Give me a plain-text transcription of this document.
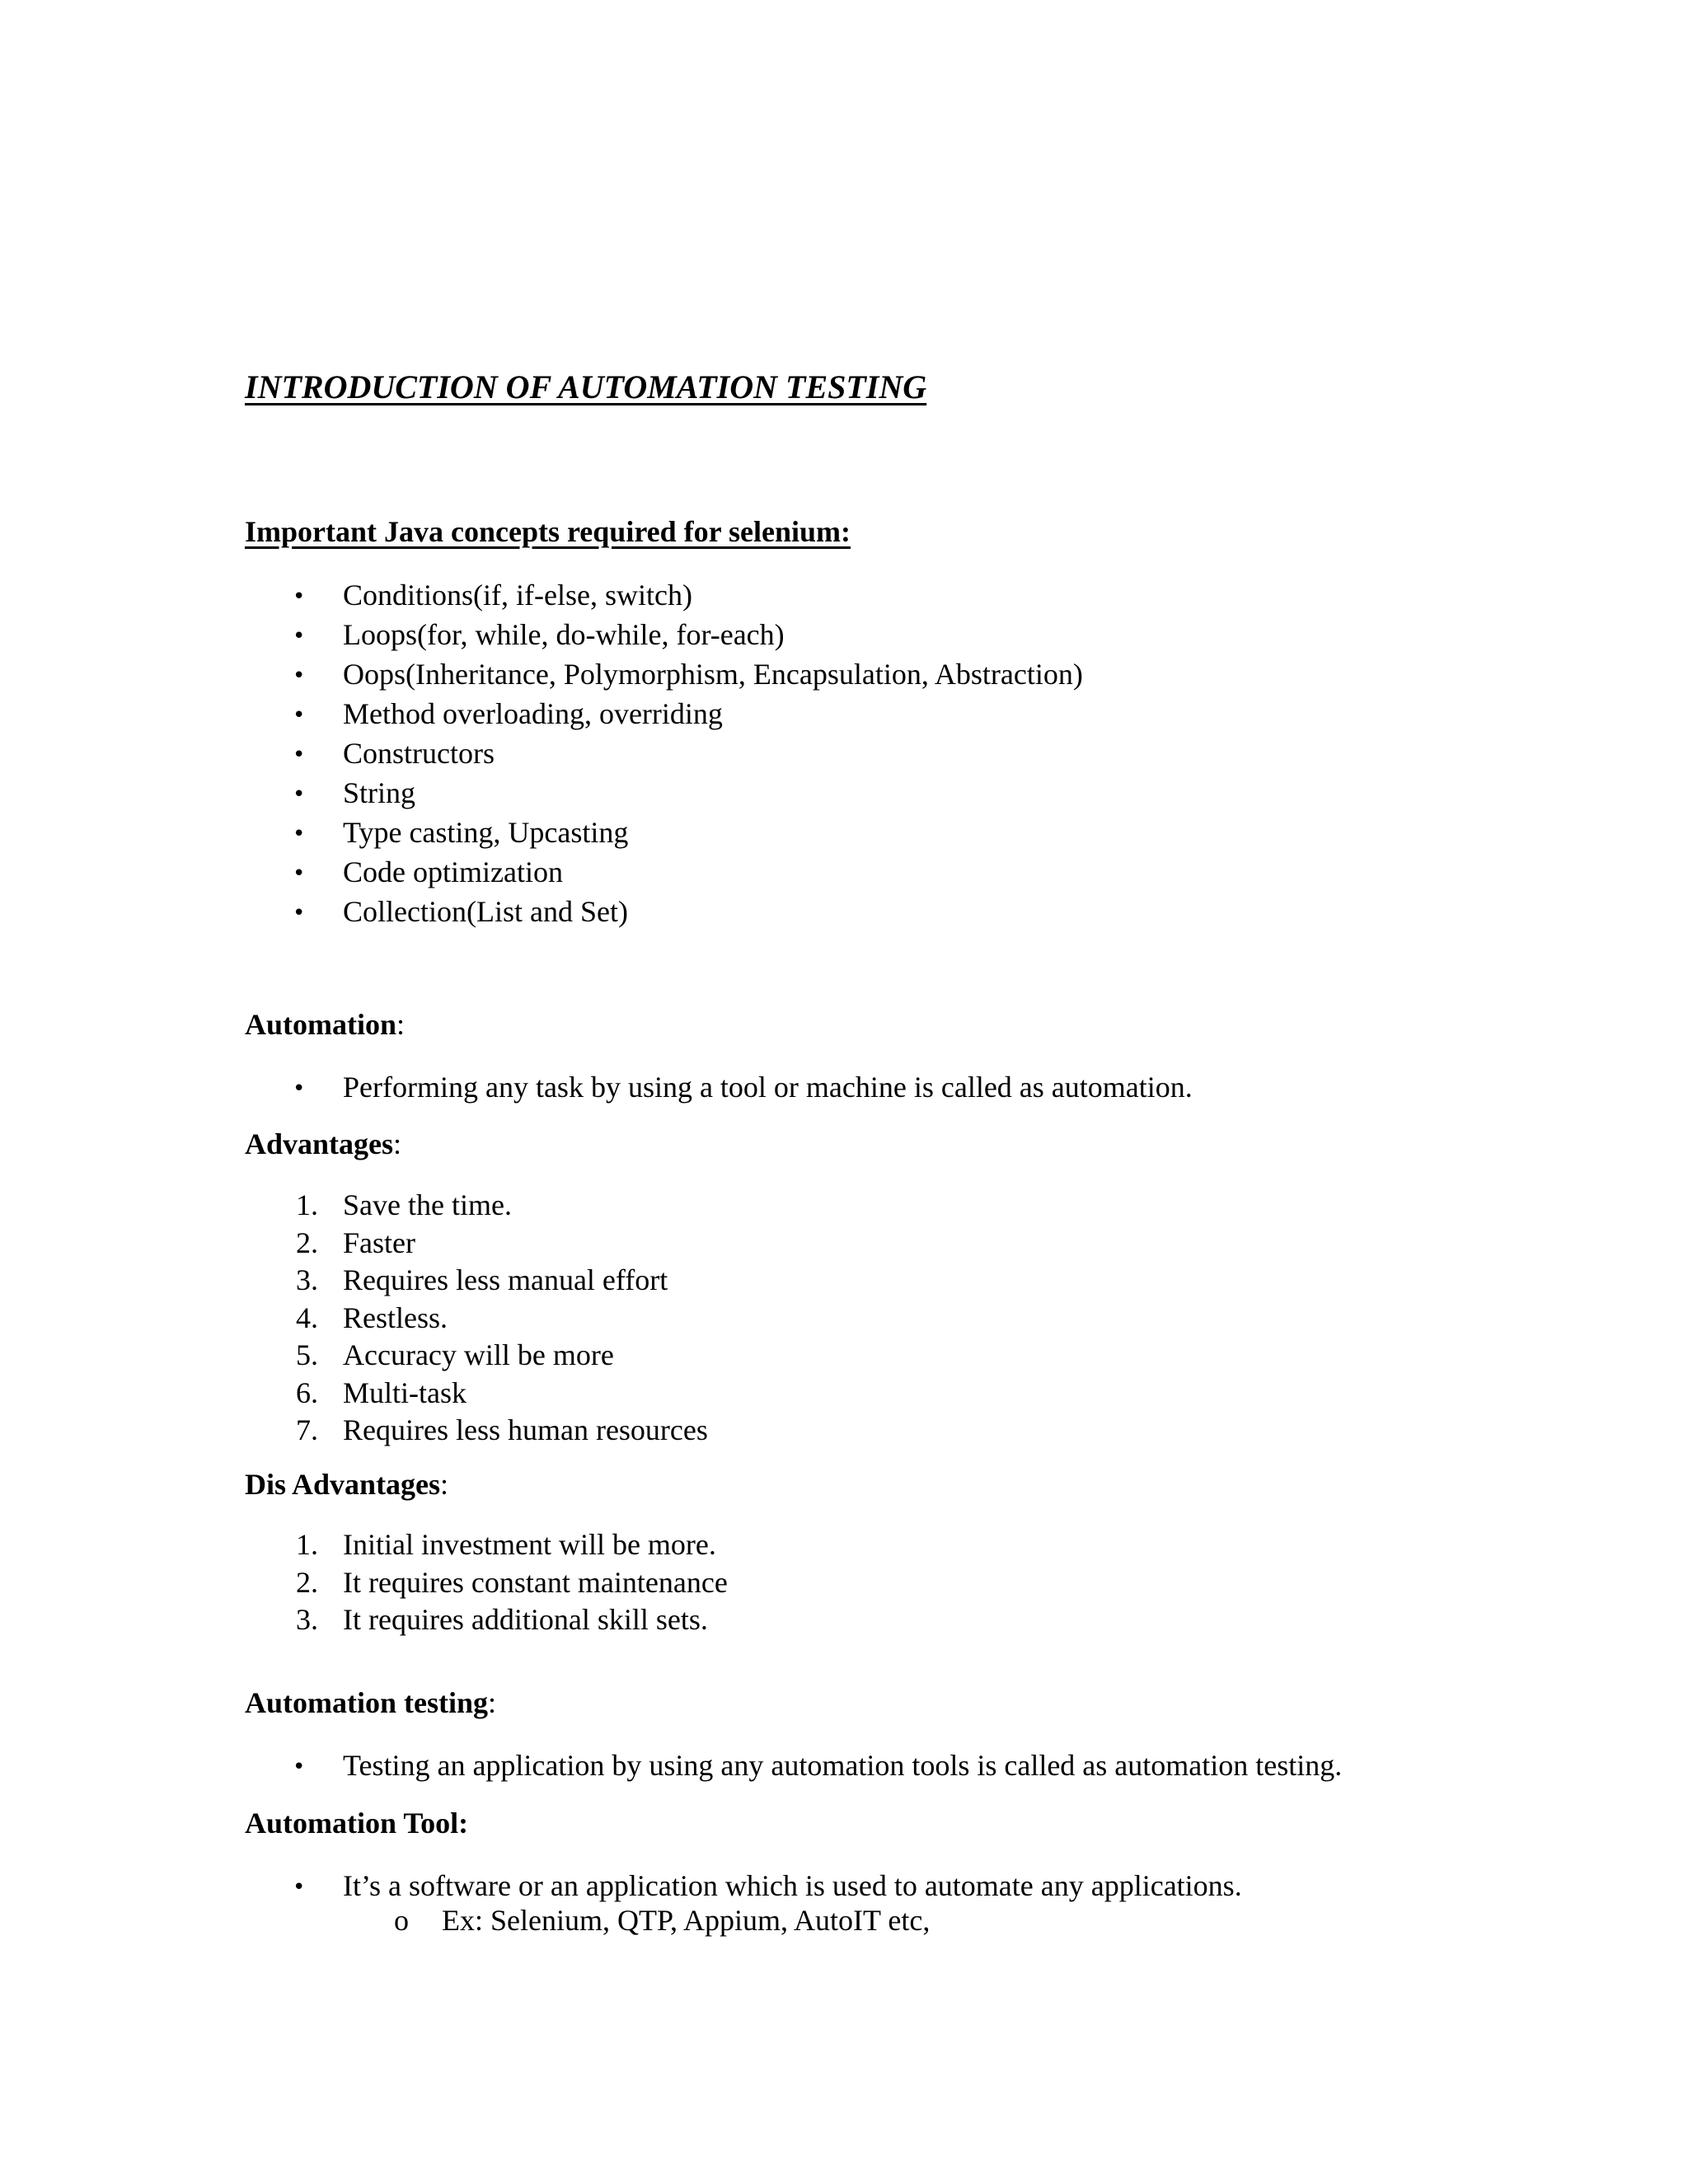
INTRODUCTION OF AUTOMATION TESTING

Important Java concepts required for selenium:

• Conditions(if, if-else, switch)
• Loops(for, while, do-while, for-each)
• Oops(Inheritance, Polymorphism, Encapsulation, Abstraction)
• Method overloading, overriding
• Constructors
• String
• Type casting, Upcasting
• Code optimization
• Collection(List and Set)

Automation:

• Performing any task by using a tool or machine is called as automation.

Advantages:

1. Save the time.
2. Faster
3. Requires less manual effort
4. Restless.
5. Accuracy will be more
6. Multi-task
7. Requires less human resources

Dis Advantages:

1. Initial investment will be more.
2. It requires constant maintenance
3. It requires additional skill sets.

Automation testing:

• Testing an application by using any automation tools is called as automation testing.

Automation Tool:

• It’s a software or an application which is used to automate any applications.
o Ex: Selenium, QTP, Appium, AutoIT etc,
